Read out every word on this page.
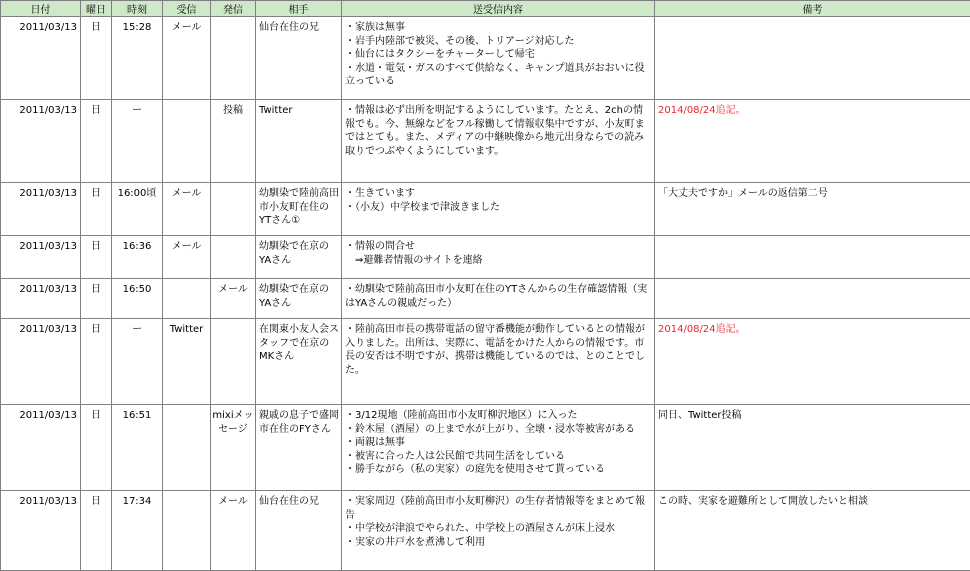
日付	曜日	時刻	受信	発信	相手	送受信内容	備考
2011/03/13	日	15:28	メール		仙台在住の兄	・家族は無事
・岩手内陸部で被災、その後、トリアージ対応した
・仙台にはタクシーをチャーターして帰宅
・水道・電気・ガスのすべて供給なく、キャンプ道具がおおいに役立っている	

2011/03/13	日	ー		投稿	Twitter	・情報は必ず出所を明記するようにしています。たとえ、2chの情報でも。今、無線などをフル稼働して情報収集中ですが、小友町まではとても。また、メディアの中継映像から地元出身ならでの読み取りでつぶやくようにしています。	2014/08/24追記。
2011/03/13	日	16:00頃	メール		幼馴染で陸前高田市小友町在住のYTさん①	・生きています
・（小友）中学校まで津波きました	「大丈夫ですか」メールの返信第二号
2011/03/13	日	16:36	メール		幼馴染で在京のYAさん	・情報の問合せ
　⇒避難者情報のサイトを連絡	

2011/03/13	日	16:50		メール	幼馴染で在京のYAさん	・幼馴染で陸前高田市小友町在住のYTさんからの生存確認情報（実はYAさんの親戚だった）	

2011/03/13	日	ー	Twitter		在関東小友人会スタッフで在京のMKさん	・陸前高田市長の携帯電話の留守番機能が動作しているとの情報が入りました。出所は、実際に、電話をかけた人からの情報です。市長の安否は不明ですが、携帯は機能しているのでは、とのことでした。	2014/08/24追記。
2011/03/13	日	16:51		mixiメッセージ	親戚の息子で盛岡市在住のFYさん	・3/12現地（陸前高田市小友町柳沢地区）に入った
・鈴木屋（酒屋）の上まで水が上がり、全壊・浸水等被害がある
・両親は無事
・被害に合った人は公民館で共同生活をしている
・勝手ながら（私の実家）の庭先を使用させて貰っている	同日、Twitter投稿
2011/03/13	日	17:34		メール	仙台在住の兄	・実家周辺（陸前高田市小友町柳沢）の生存者情報等をまとめて報告
・中学校が津浪でやられた、中学校上の酒屋さんが床上浸水
・実家の井戸水を煮沸して利用	この時、実家を避難所として開放したいと相談
